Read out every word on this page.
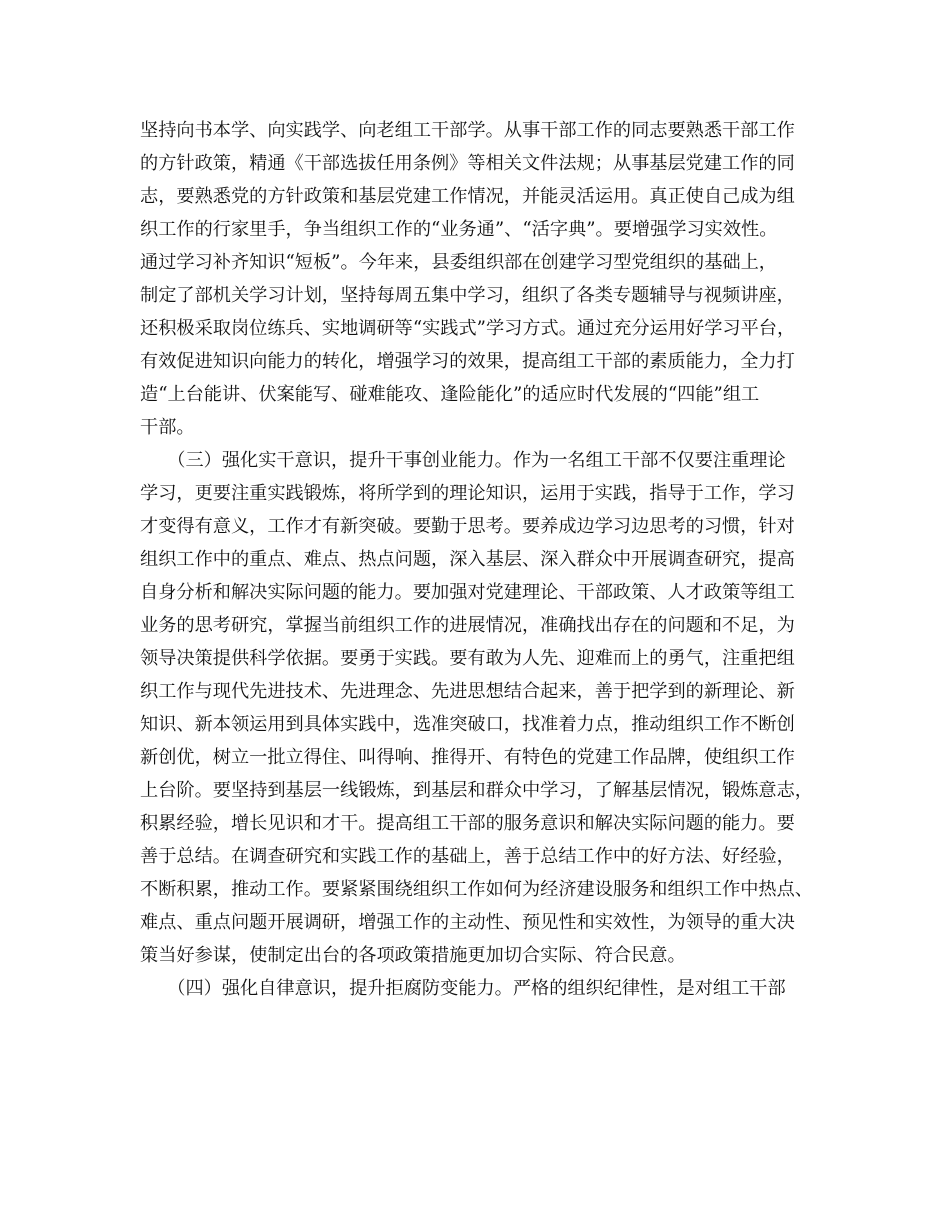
坚持向书本学、向实践学、向老组工干部学。从事干部工作的同志要熟悉干部工作
的方针政策，精通《干部选拔任用条例》等相关文件法规；从事基层党建工作的同
志，要熟悉党的方针政策和基层党建工作情况，并能灵活运用。真正使自己成为组
织工作的行家里手，争当组织工作的“业务通”、“活字典”。要增强学习实效性。
通过学习补齐知识“短板”。今年来，县委组织部在创建学习型党组织的基础上，
制定了部机关学习计划，坚持每周五集中学习，组织了各类专题辅导与视频讲座，
还积极采取岗位练兵、实地调研等“实践式”学习方式。通过充分运用好学习平台，
有效促进知识向能力的转化，增强学习的效果，提高组工干部的素质能力，全力打
造“上台能讲、伏案能写、碰难能攻、逢险能化”的适应时代发展的“四能”组工
干部。
　　（三）强化实干意识，提升干事创业能力。作为一名组工干部不仅要注重理论
学习，更要注重实践锻炼，将所学到的理论知识，运用于实践，指导于工作，学习
才变得有意义，工作才有新突破。要勤于思考。要养成边学习边思考的习惯，针对
组织工作中的重点、难点、热点问题，深入基层、深入群众中开展调查研究，提高
自身分析和解决实际问题的能力。要加强对党建理论、干部政策、人才政策等组工
业务的思考研究，掌握当前组织工作的进展情况，准确找出存在的问题和不足，为
领导决策提供科学依据。要勇于实践。要有敢为人先、迎难而上的勇气，注重把组
织工作与现代先进技术、先进理念、先进思想结合起来，善于把学到的新理论、新
知识、新本领运用到具体实践中，选准突破口，找准着力点，推动组织工作不断创
新创优，树立一批立得住、叫得响、推得开、有特色的党建工作品牌，使组织工作
上台阶。要坚持到基层一线锻炼，到基层和群众中学习，了解基层情况，锻炼意志，
积累经验，增长见识和才干。提高组工干部的服务意识和解决实际问题的能力。要
善于总结。在调查研究和实践工作的基础上，善于总结工作中的好方法、好经验，
不断积累，推动工作。要紧紧围绕组织工作如何为经济建设服务和组织工作中热点、
难点、重点问题开展调研，增强工作的主动性、预见性和实效性，为领导的重大决
策当好参谋，使制定出台的各项政策措施更加切合实际、符合民意。
　　（四）强化自律意识，提升拒腐防变能力。严格的组织纪律性，是对组工干部
